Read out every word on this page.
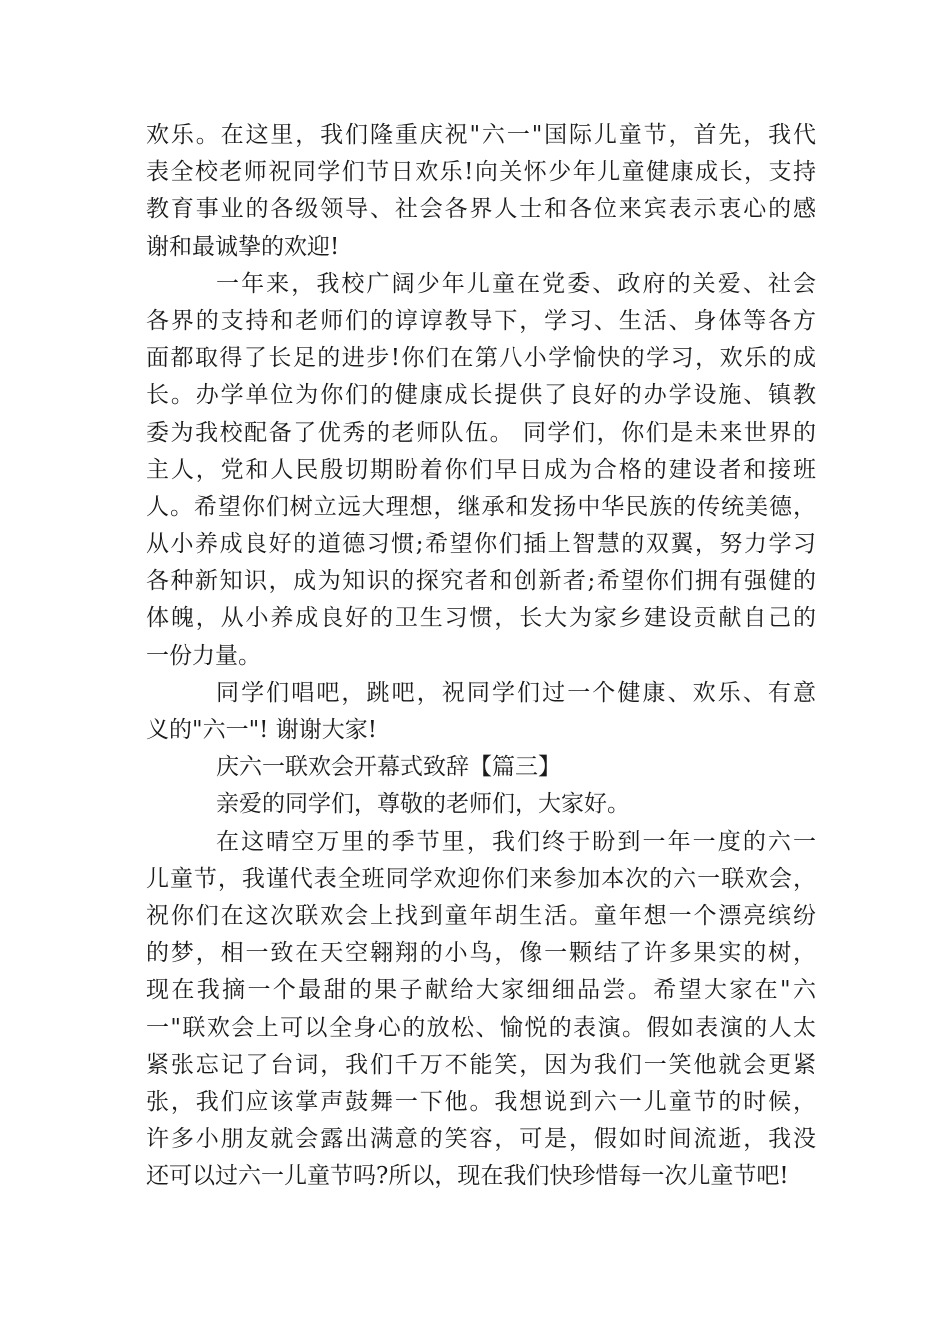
欢乐。在这里，我们隆重庆祝"六一"国际儿童节，首先，我代
表全校老师祝同学们节日欢乐!向关怀少年儿童健康成长，支持
教育事业的各级领导、社会各界人士和各位来宾表示衷心的感
谢和最诚挚的欢迎!
一年来，我校广阔少年儿童在党委、政府的关爱、社会
各界的支持和老师们的谆谆教导下，学习、生活、身体等各方
面都取得了长足的进步!你们在第八小学愉快的学习，欢乐的成
长。办学单位为你们的健康成长提供了良好的办学设施、镇教
委为我校配备了优秀的老师队伍。 同学们，你们是未来世界的
主人，党和人民殷切期盼着你们早日成为合格的建设者和接班
人。希望你们树立远大理想，继承和发扬中华民族的传统美德，
从小养成良好的道德习惯;希望你们插上智慧的双翼，努力学习
各种新知识，成为知识的探究者和创新者;希望你们拥有强健的
体魄，从小养成良好的卫生习惯，长大为家乡建设贡献自己的
一份力量。
同学们唱吧，跳吧，祝同学们过一个健康、欢乐、有意
义的"六一"! 谢谢大家!
庆六一联欢会开幕式致辞【篇三】
亲爱的同学们，尊敬的老师们，大家好。
在这晴空万里的季节里，我们终于盼到一年一度的六一
儿童节，我谨代表全班同学欢迎你们来参加本次的六一联欢会，
祝你们在这次联欢会上找到童年胡生活。童年想一个漂亮缤纷
的梦，相一致在天空翱翔的小鸟，像一颗结了许多果实的树，
现在我摘一个最甜的果子献给大家细细品尝。希望大家在"六
一"联欢会上可以全身心的放松、愉悦的表演。假如表演的人太
紧张忘记了台词，我们千万不能笑，因为我们一笑他就会更紧
张，我们应该掌声鼓舞一下他。我想说到六一儿童节的时候，
许多小朋友就会露出满意的笑容，可是，假如时间流逝，我没
还可以过六一儿童节吗?所以，现在我们快珍惜每一次儿童节吧!
